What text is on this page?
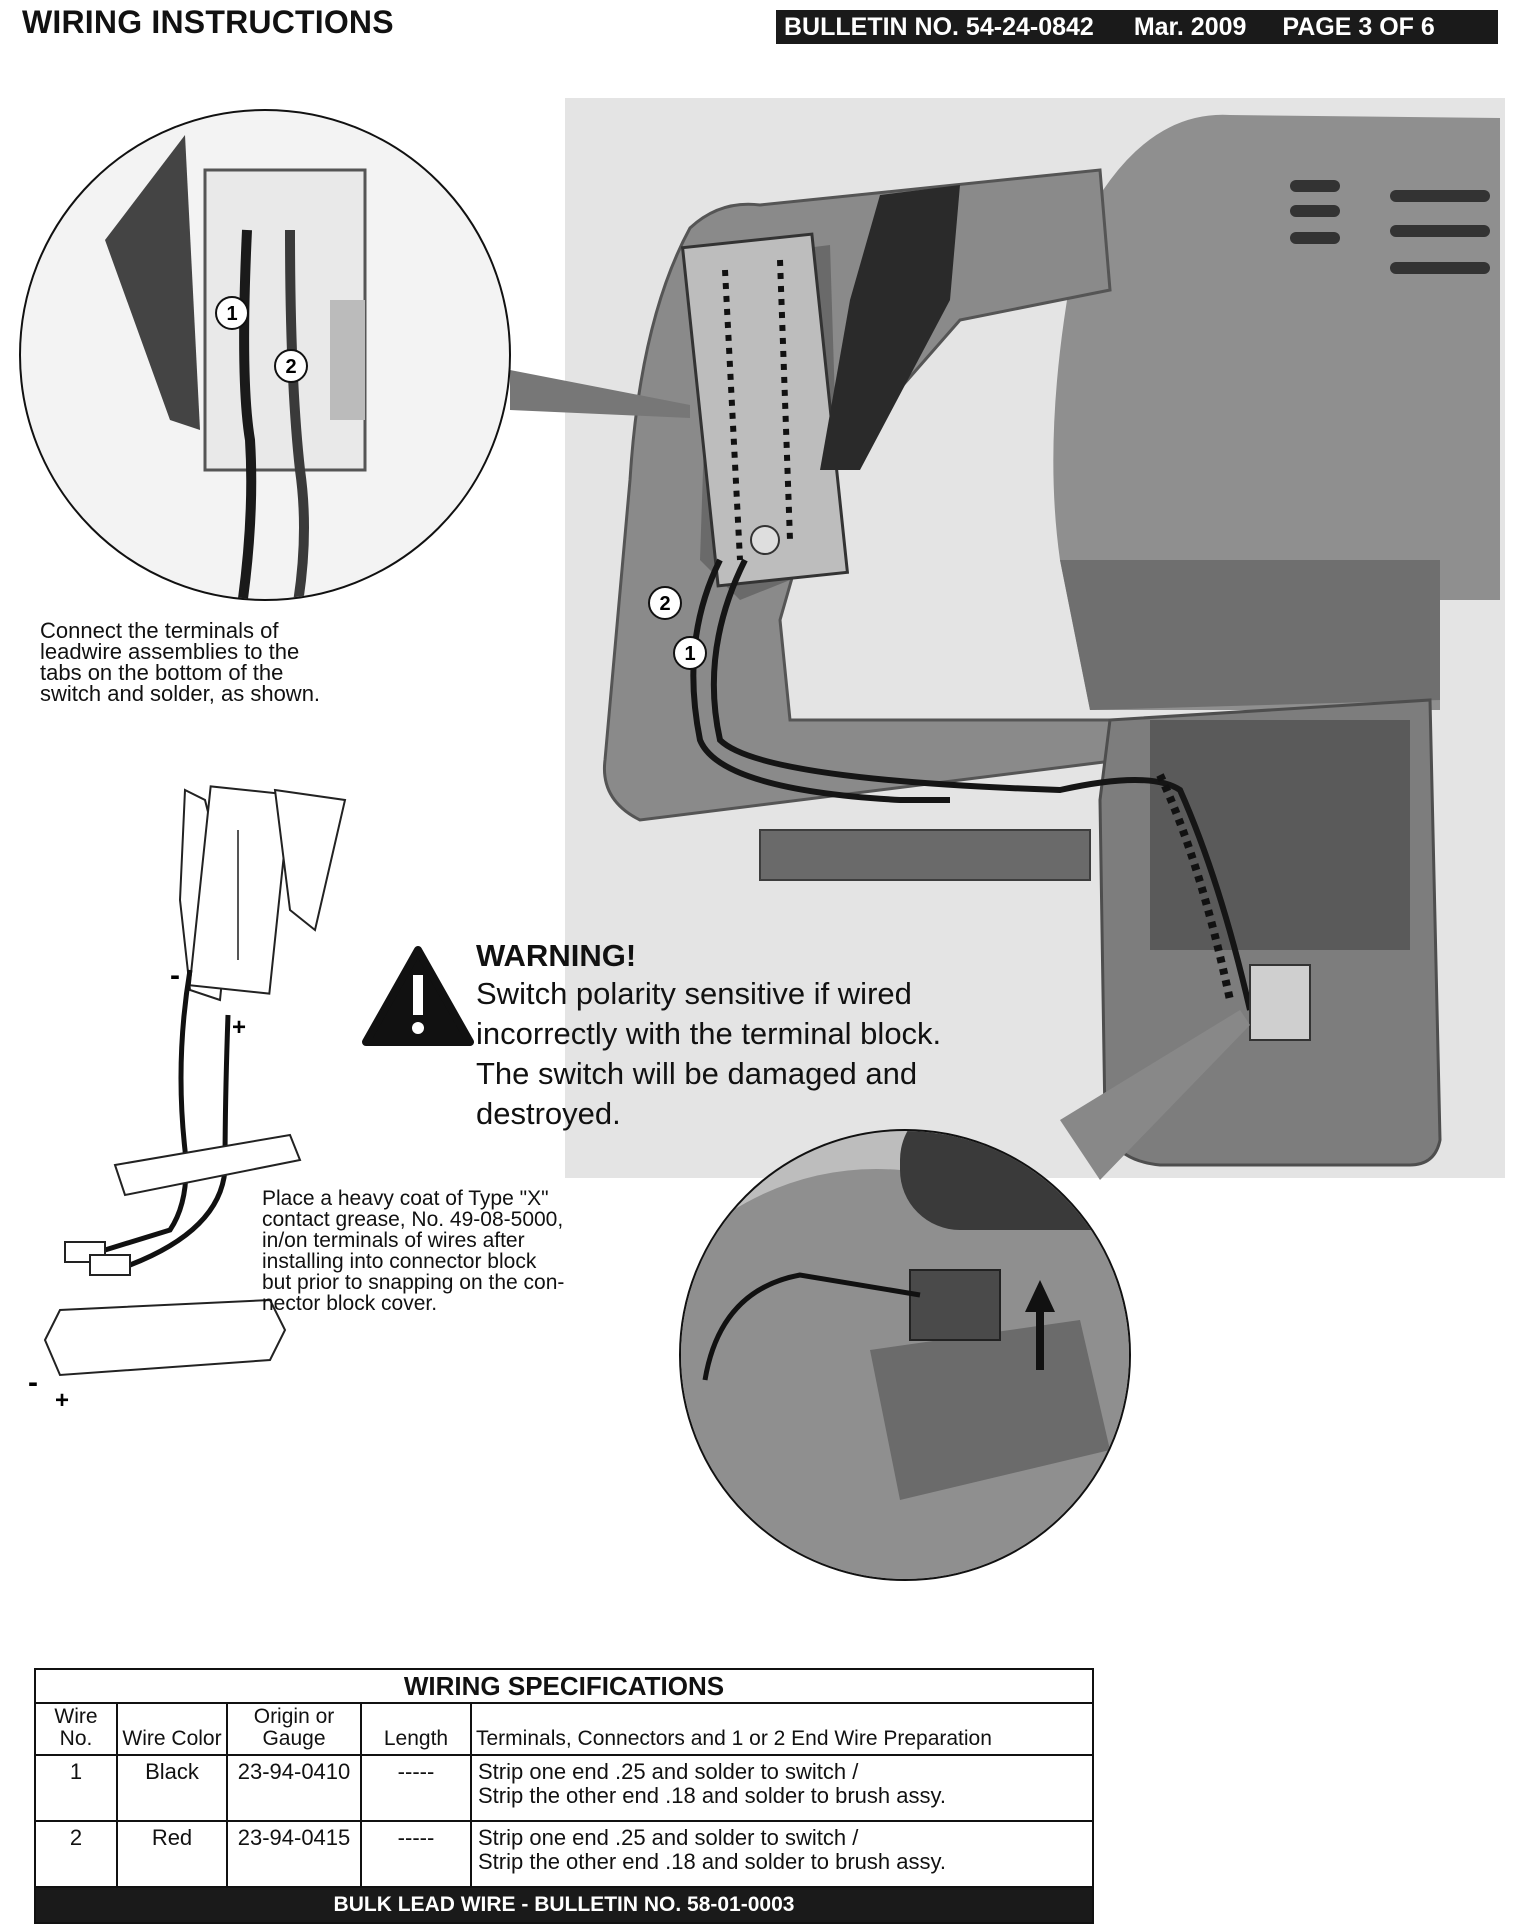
WIRING INSTRUCTIONS	BULLETIN NO. 54-24-0842 Mar. 2009 PAGE 3 OF 6
1
2
2
1
-
+
-
+
Connect the terminals of
leadwire assemblies to the
tabs on the bottom of the
switch and solder, as shown.
Place a heavy coat of Type "X"
contact grease, No. 49-08-5000,
in/on terminals of wires after
installing into connector block
but prior to snapping on the con-
nector block cover.
WARNING!
Switch polarity sensitive if wired
incorrectly with the terminal block.
The switch will be damaged and
destroyed.
WIRING SPECIFICATIONS
Wire No.	Wire Color	Origin or Gauge	Length	Terminals, Connectors and 1 or 2 End Wire Preparation
1	Black	23-94-0410	-----	Strip one end .25 and solder to switch /
Strip the other end .18 and solder to brush assy.

2	Red	23-94-0415	-----	Strip one end .25 and solder to switch /
Strip the other end .18 and solder to brush assy.
BULK LEAD WIRE - BULLETIN NO. 58-01-0003
